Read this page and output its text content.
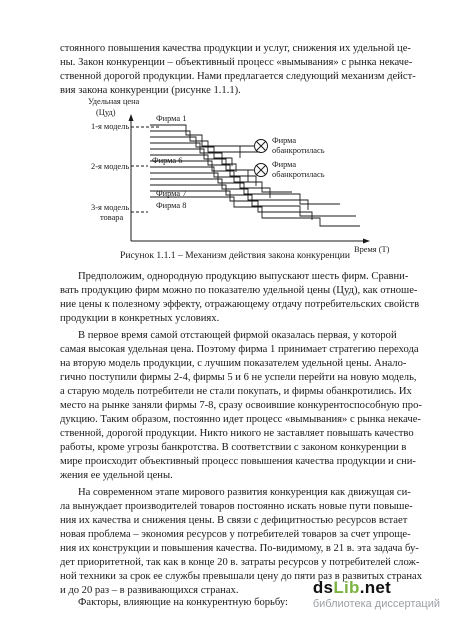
стоянного повышения качества продукции и услуг, снижения их удельной це-
ны. Закон конкуренции – объективный процесс «вымывания» с рынка некаче-
ственной дорогой продукции. Нами предлагается следующий механизм дейст-
вия закона конкуренции (рисунке 1.1.1).
Удельная цена
(Цуд)
1-я модель
2-я модель
3-я модель
товара
Фирма 1
Фирма 6
Фирма 7
Фирма 8
Фирма
обанкротилась
Фирма
обанкротилась
Время (Т)
Рисунок 1.1.1 – Механизм действия закона конкуренции
Предположим, однородную продукцию выпускают шесть фирм. Сравни-
вать продукцию фирм можно по показателю удельной цены (Цуд), как отноше-
ние цены к полезному эффекту, отражающему отдачу потребительских свойств
продукции в конкретных условиях.
В первое время самой отстающей фирмой оказалась первая, у которой
самая высокая удельная цена. Поэтому фирма 1 принимает стратегию перехода
на вторую модель продукции, с лучшим показателем удельной цены. Анало-
гично поступили фирмы 2-4, фирмы 5 и 6 не успели перейти на новую модель,
а старую модель потребители не стали покупать, и фирмы обанкротились. Их
место на рынке заняли фирмы 7-8, сразу освоившие конкурентоспособную про-
дукцию. Таким образом, постоянно идет процесс «вымывания» с рынка некаче-
ственной, дорогой продукции. Никто никого не заставляет повышать качество
работы, кроме угрозы банкротства. В соответствии с законом конкуренции в
мире происходит объективный процесс повышения качества продукции и сни-
жения ее удельной цены.
На современном этапе мирового развития конкуренция как движущая си-
ла вынуждает производителей товаров постоянно искать новые пути повыше-
ния их качества и снижения цены. В связи с дефицитностью ресурсов встает
новая проблема – экономия ресурсов у потребителей товаров за счет упроще-
ния их конструкции и повышения качества. По-видимому, в 21 в. эта задача бу-
дет приоритетной, так как в конце 20 в. затраты ресурсов у потребителей слож-
ной техники за срок ее службы превышали цену до пяти раз в развитых странах
и до 20 раз – в развивающихся странах.
Факторы, влияющие на конкурентную борьбу:
dsLib.net
библиотека диссертаций
